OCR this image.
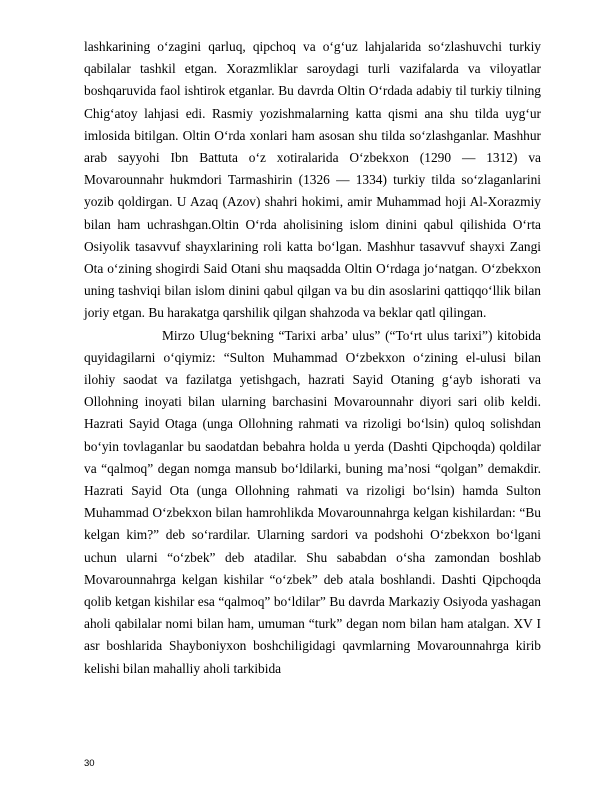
lashkarining o‘zagini qarluq, qipchoq va o‘g‘uz lahjalarida so‘zlashuvchi turkiy qabilalar tashkil etgan. Xorazmliklar saroydagi turli vazifalarda va viloyatlar boshqaruvida faol ishtirok etganlar. Bu davrda Oltin O‘rdada adabiy til turkiy tilning Chig‘atoy lahjasi edi. Rasmiy yozishmalarning katta qismi ana shu tilda uyg‘ur imlosida bitilgan. Oltin O‘rda xonlari ham asosan shu tilda so‘zlashganlar. Mashhur arab sayyohi Ibn Battuta o‘z xotiralarida O‘zbekxon (1290 — 1312) va Movarounnahr hukmdori Tarmashirin (1326 — 1334) turkiy tilda so‘zlaganlarini yozib qoldirgan. U Azaq (Azov) shahri hokimi, amir Muhammad hoji Al-Xorazmiy bilan ham uchrashgan.Oltin O‘rda aholisining islom dinini qabul qilishida O‘rta Osiyolik tasavvuf shayxlarining roli katta bo‘lgan. Mashhur tasavvuf shayxi Zangi Ota o‘zining shogirdi Said Otani shu maqsadda Oltin O‘rdaga jo‘natgan. O‘zbekxon uning tashviqi bilan islom dinini qabul qilgan va bu din asoslarini qattiqqo‘llik bilan joriy etgan. Bu harakatga qarshilik qilgan shahzoda va beklar qatl qilingan.

Mirzo Ulug‘bekning “Tarixi arba’ ulus” (“To‘rt ulus tarixi”) kitobida quyidagilarni o‘qiymiz: “Sulton Muhammad O‘zbekxon o‘zining el-ulusi bilan ilohiy saodat va fazilatga yetishgach, hazrati Sayid Otaning g‘ayb ishorati va Ollohning inoyati bilan ularning barchasini Movarounnahr diyori sari olib keldi. Hazrati Sayid Otaga (unga Ollohning rahmati va rizoligi bo‘lsin) quloq solishdan bo‘yin tovlaganlar bu saodatdan bebahra holda u yerda (Dashti Qipchoqda) qoldilar va “qalmoq” degan nomga mansub bo‘ldilarki, buning ma’nosi “qolgan” demakdir. Hazrati Sayid Ota (unga Ollohning rahmati va rizoligi bo‘lsin) hamda Sulton Muhammad O‘zbekxon bilan hamrohlikda Movarounnahrga kelgan kishilardan: “Bu kelgan kim?” deb so‘rardilar. Ularning sardori va podshohi O‘zbekxon bo‘lgani uchun ularni “o‘zbek” deb atadilar. Shu sababdan o‘sha zamondan boshlab Movarounnahrga kelgan kishilar “o‘zbek” deb atala boshlandi. Dashti Qipchoqda qolib ketgan kishilar esa “qalmoq” bo‘ldilar” Bu davrda Markaziy Osiyoda yashagan aholi qabilalar nomi bilan ham, umuman “turk” degan nom bilan ham atalgan. XV I asr boshlarida Shayboniyxon boshchiligidagi qavmlarning Movarounnahrga kirib kelishi bilan mahalliy aholi tarkibida

30
